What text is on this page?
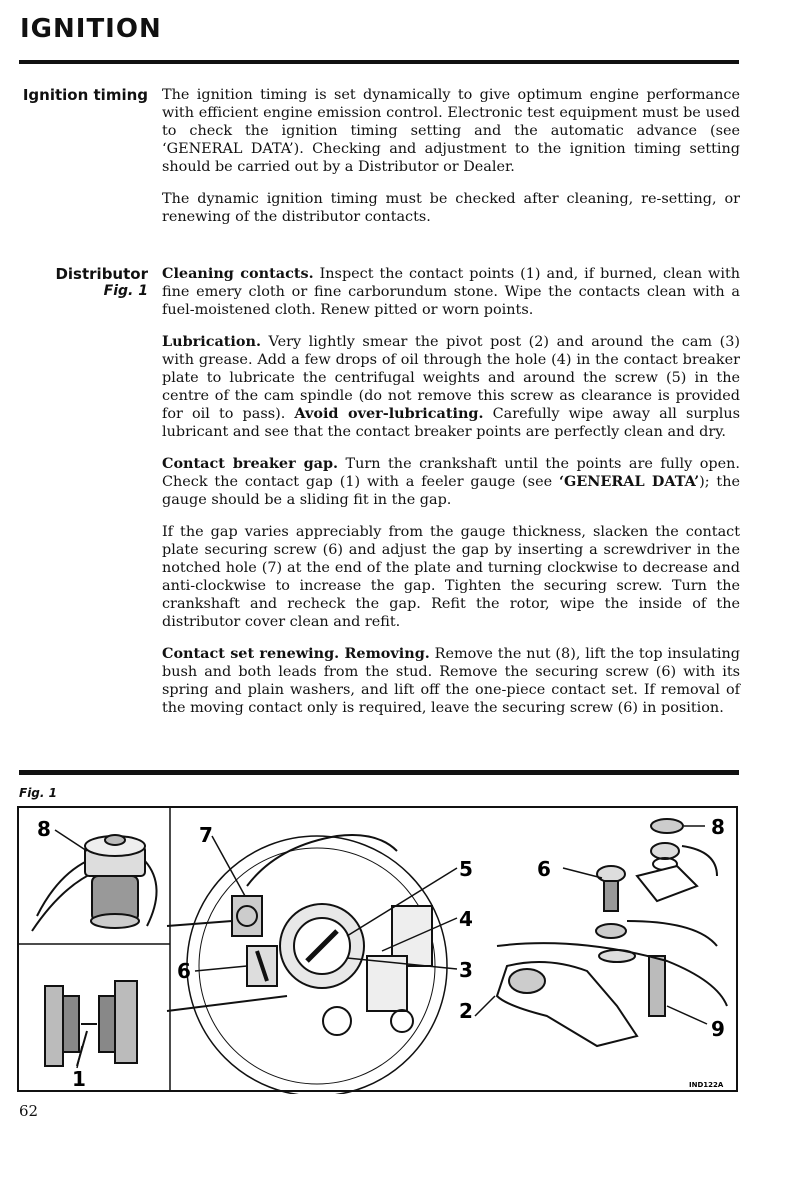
IGNITION
Ignition timing The ignition timing is set dynamically to give optimum engine performance with efficient engine emission control. Electronic test equipment must be used to check the ignition timing setting and the automatic advance (see ‘GENERAL DATA’). Checking and adjustment to the ignition timing setting should be carried out by a Distributor or Dealer.

The dynamic ignition timing must be checked after cleaning, re-setting, or renewing of the distributor contacts.

Distributor
Fig. 1

Cleaning contacts. Inspect the contact points (1) and, if burned, clean with fine emery cloth or fine carborundum stone. Wipe the contacts clean with a fuel-moistened cloth. Renew pitted or worn points.

Lubrication. Very lightly smear the pivot post (2) and around the cam (3) with grease. Add a few drops of oil through the hole (4) in the contact breaker plate to lubricate the centrifugal weights and around the screw (5) in the centre of the cam spindle (do not remove this screw as clearance is provided for oil to pass). Avoid over-lubricating. Carefully wipe away all surplus lubricant and see that the contact breaker points are perfectly clean and dry.

Contact breaker gap. Turn the crankshaft until the points are fully open. Check the contact gap (1) with a feeler gauge (see ‘GENERAL DATA’); the gauge should be a sliding fit in the gap.

If the gap varies appreciably from the gauge thickness, slacken the contact plate securing screw (6) and adjust the gap by inserting a screwdriver in the notched hole (7) at the end of the plate and turning clockwise to decrease and anti-clockwise to increase the gap. Tighten the securing screw. Turn the crankshaft and recheck the gap. Refit the rotor, wipe the inside of the distributor cover clean and refit.

Contact set renewing. Removing. Remove the nut (8), lift the top insulating bush and both leads from the stud. Remove the securing screw (6) with its spring and plain washers, and lift off the one-piece contact set. If removal of the moving contact only is required, leave the securing screw (6) in position.

Fig. 1
8	7
5	6
8
4
6	3
2
9
1	IND122A
62
